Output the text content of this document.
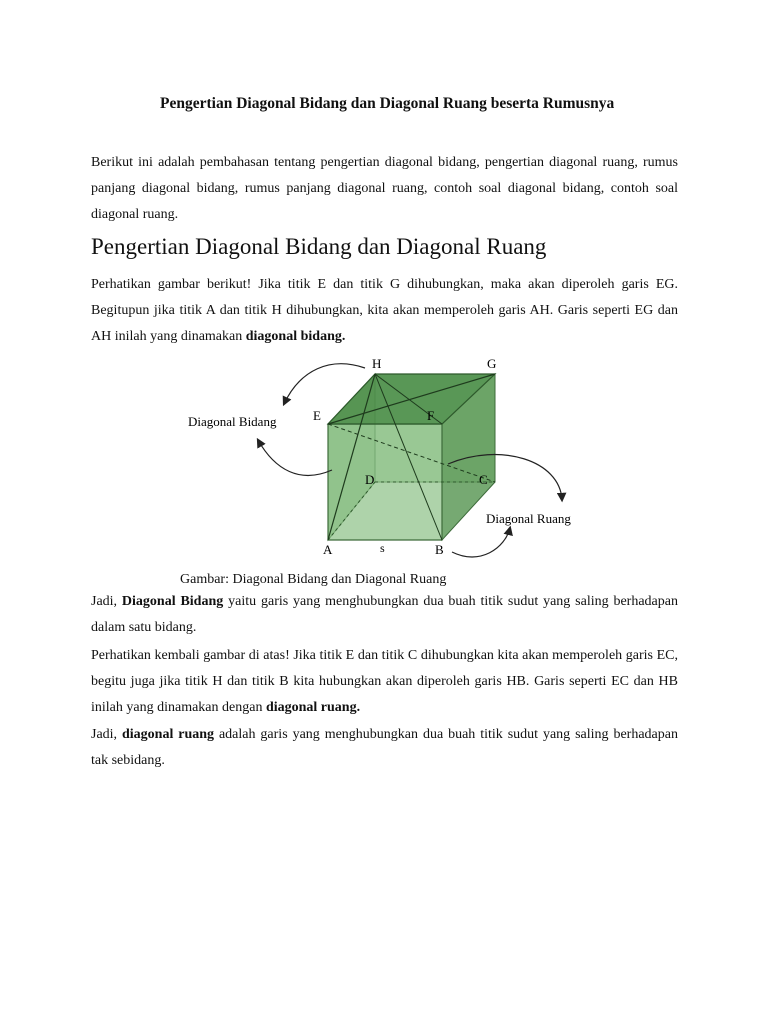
Pengertian Diagonal Bidang dan Diagonal Ruang beserta Rumusnya
Berikut ini adalah pembahasan tentang pengertian diagonal bidang, pengertian diagonal ruang, rumus panjang diagonal bidang, rumus panjang diagonal ruang, contoh soal diagonal bidang, contoh soal diagonal ruang.
Pengertian Diagonal Bidang dan Diagonal Ruang
Perhatikan gambar berikut! Jika titik E dan titik G dihubungkan, maka akan diperoleh garis EG. Begitupun jika titik A dan titik H dihubungkan, kita akan memperoleh garis AH. Garis seperti EG dan AH inilah yang dinamakan diagonal bidang.
H	G
E	F
D	C
A	B
s
Diagonal Bidang
Diagonal Ruang
Gambar: Diagonal Bidang dan Diagonal Ruang
Jadi, Diagonal Bidang yaitu garis yang menghubungkan dua buah titik sudut yang saling berhadapan dalam satu bidang.
Perhatikan kembali gambar di atas! Jika titik E dan titik C dihubungkan kita akan memperoleh garis EC, begitu juga jika titik H dan titik B kita hubungkan akan diperoleh garis HB. Garis seperti EC dan HB inilah yang dinamakan dengan diagonal ruang.
Jadi, diagonal ruang adalah garis yang menghubungkan dua buah titik sudut yang saling berhadapan tak sebidang.
